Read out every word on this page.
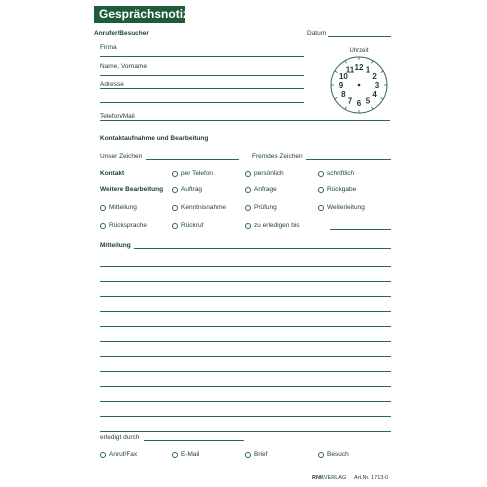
Gesprächsnotiz
Anrufer/Besucher	Datum
Firma
Name, Vorname
Adresse
Telefon/Mail
Uhrzeit
12 1
2
3
4
5
6
7
8
9
10
11
Kontaktaufnahme und Bearbeitung
Unser Zeichen	Fremdes Zeichen
Kontakt	per Telefon	persönlich	schriftlich
Weitere Bearbeitung	Auftrag	Anfrage	Rückgabe
Mitteilung	Kenntnisnahme	Prüfung	Weiterleitung
Rücksprache	Rückruf	zu erledigen bis
Mitteilung
erledigt durch
Anruf/Fax	E-Mail	Brief	Besuch
RNKVERLAG Art.Nr. 1713-0
